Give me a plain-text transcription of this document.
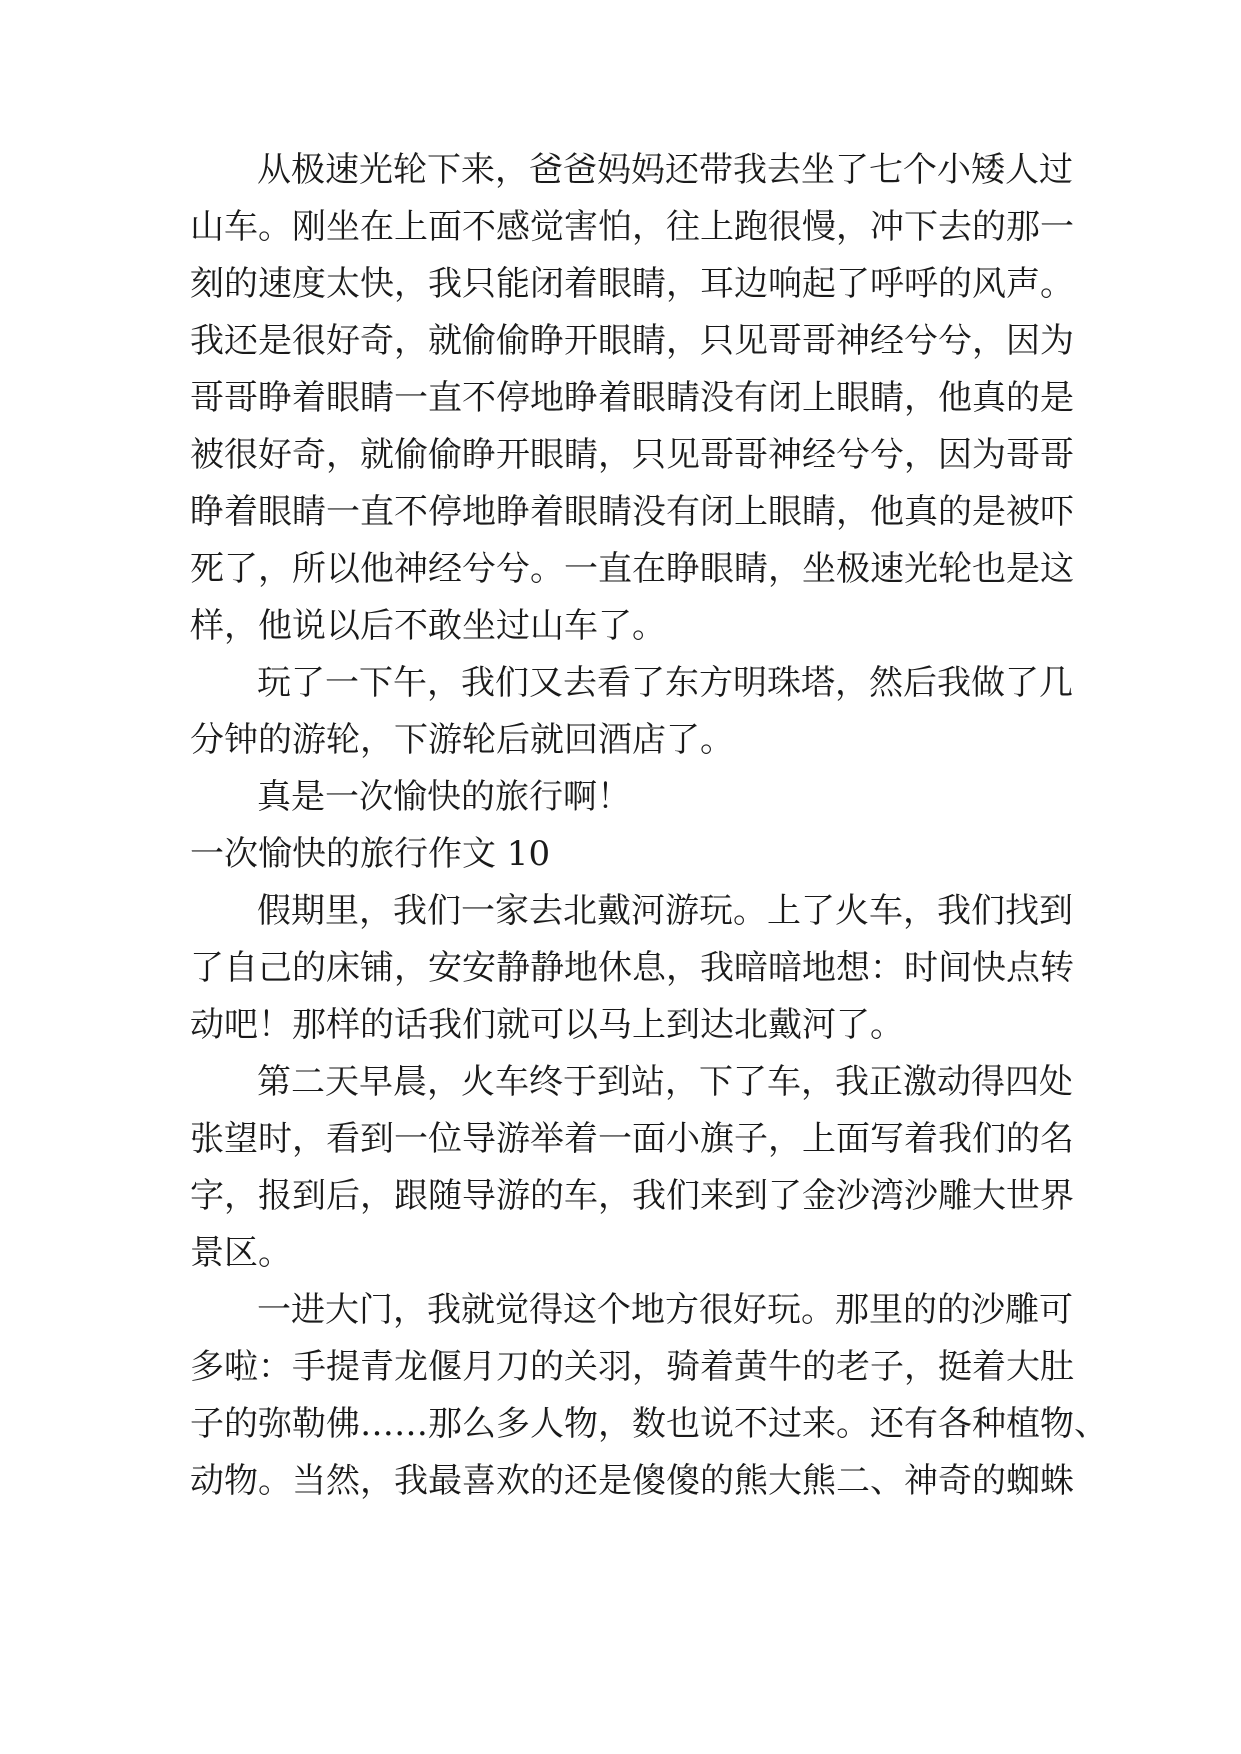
从极速光轮下来，爸爸妈妈还带我去坐了七个小矮人过
山车。刚坐在上面不感觉害怕，往上跑很慢，冲下去的那一
刻的速度太快，我只能闭着眼睛，耳边响起了呼呼的风声。
我还是很好奇，就偷偷睁开眼睛，只见哥哥神经兮兮，因为
哥哥睁着眼睛一直不停地睁着眼睛没有闭上眼睛，他真的是
被很好奇，就偷偷睁开眼睛，只见哥哥神经兮兮，因为哥哥
睁着眼睛一直不停地睁着眼睛没有闭上眼睛，他真的是被吓
死了，所以他神经兮兮。一直在睁眼睛，坐极速光轮也是这
样，他说以后不敢坐过山车了。
玩了一下午，我们又去看了东方明珠塔，然后我做了几
分钟的游轮，下游轮后就回酒店了。
真是一次愉快的旅行啊！
一次愉快的旅行作文 10
假期里，我们一家去北戴河游玩。上了火车，我们找到
了自己的床铺，安安静静地休息，我暗暗地想：时间快点转
动吧！那样的话我们就可以马上到达北戴河了。
第二天早晨，火车终于到站，下了车，我正激动得四处
张望时，看到一位导游举着一面小旗子，上面写着我们的名
字，报到后，跟随导游的车，我们来到了金沙湾沙雕大世界
景区。
一进大门，我就觉得这个地方很好玩。那里的的沙雕可
多啦：手提青龙偃月刀的关羽，骑着黄牛的老子，挺着大肚
子的弥勒佛……那么多人物，数也说不过来。还有各种植物、
动物。当然，我最喜欢的还是傻傻的熊大熊二、神奇的蜘蛛
